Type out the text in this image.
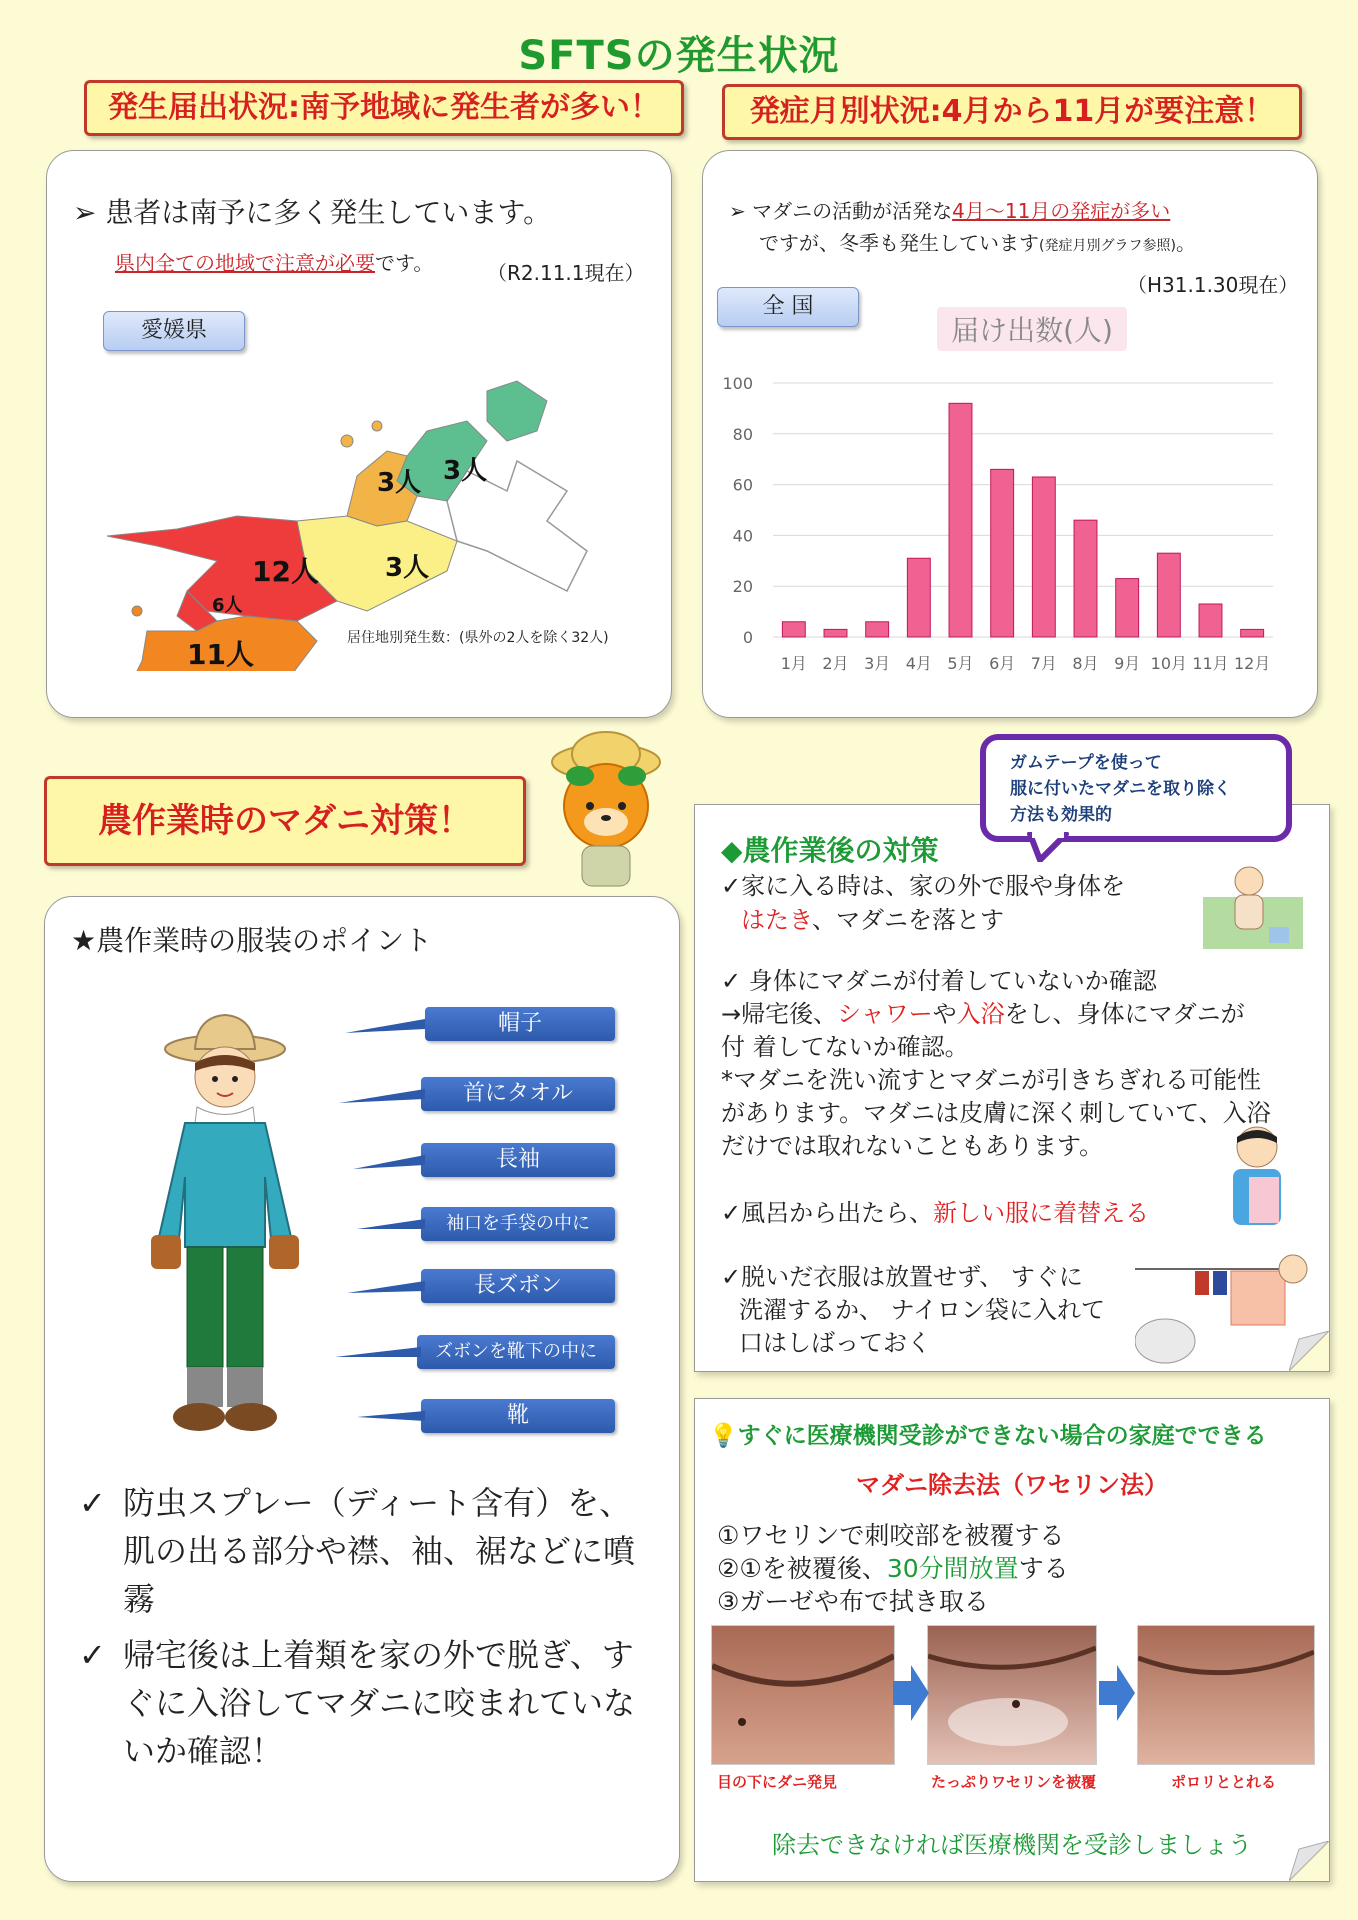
SFTSの発生状況
発生届出状況:南予地域に発生者が多い！	発症月別状況:4月から11月が要注意！
➢ 患者は南予に多く発生しています。
県内全ての地域で注意が必要です。	（R2.11.1現在）
愛媛県
3人
3人
3人
12人
6人
11人	居住地別発生数：(県外の2人を除く32人)
➢ マダニの活動が活発な4月～11月の発症が多い
ですが、冬季も発生しています(発症月別グラフ参照)。
（H31.1.30現在）
全 国
届け出数(人)
0
20
40
60
80
100
1月 2月 3月 4月 5月 6月 7月 8月 9月 10月 11月 12月
農作業時のマダニ対策！
★農作業時の服装のポイント
帽子
首にタオル
長袖
袖口を手袋の中に
長ズボン
ズボンを靴下の中に
靴
✓ 防虫スプレー（ディート含有）を、肌の出る部分や襟、袖、裾などに噴霧
✓ 帰宅後は上着類を家の外で脱ぎ、すぐに入浴してマダニに咬まれていないか確認！
◆農作業後の対策
✓家に入る時は、家の外で服や身体を
はたき、マダニを落とす
✓ 身体にマダニが付着していないか確認
→帰宅後、シャワーや入浴をし、身体にマダニが
付 着してないか確認。
*マダニを洗い流すとマダニが引きちぎれる可能性があります。マダニは皮膚に深く刺していて、入浴だけでは取れないこともあります。
✓風呂から出たら、新しい服に着替える
✓脱いだ衣服は放置せず、 すぐに
洗濯するか、 ナイロン袋に入れて
口はしばっておく
ガムテープを使って
服に付いたマダニを取り除く
方法も効果的
💡すぐに医療機関受診ができない場合の家庭でできる
マダニ除去法（ワセリン法）
①ワセリンで刺咬部を被覆する
②①を被覆後、30分間放置する
③ガーゼや布で拭き取る
目の下にダニ発見	たっぷりワセリンを被覆	ポロリととれる
除去できなければ医療機関を受診しましょう
